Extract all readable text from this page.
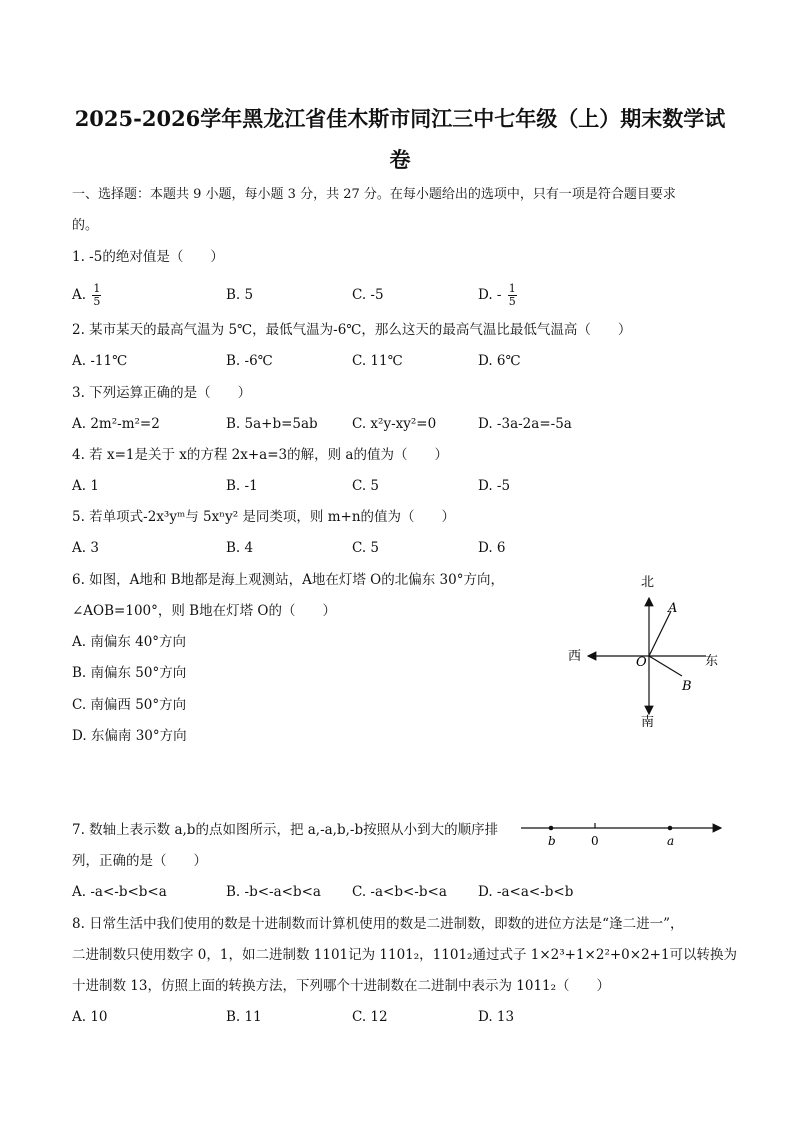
2025-2026学年黑龙江省佳木斯市同江三中七年级（上）期末数学试
卷
一、选择题：本题共 9 小题，每小题 3 分，共 27 分。在每小题给出的选项中，只有一项是符合题目要求
的。
1. -5的绝对值是（　　）
A. $\frac{1}{5}$	B. 5	C. -5	D. - $\frac{1}{5}$
2. 某市某天的最高气温为 5℃，最低气温为-6℃，那么这天的最高气温比最低气温高（　　）
A. -11℃	B. -6℃	C. 11℃	D. 6℃
3. 下列运算正确的是（　　）
A. 2m²-m²=2	B. 5a+b=5ab	C. x²y-xy²=0	D. -3a-2a=-5a
4. 若 x=1是关于 x的方程 2x+a=3的解，则 a的值为（　　）
A. 1	B. -1	C. 5	D. -5
5. 若单项式-2x³yᵐ与 5xⁿy² 是同类项，则 m+n的值为（　　）
A. 3	B. 4	C. 5	D. 6
6. 如图，A地和 B地都是海上观测站，A地在灯塔 O的北偏东 30°方向，
∠AOB=100°，则 B地在灯塔 O的（　　）
A. 南偏东 40°方向
B. 南偏东 50°方向
C. 南偏西 50°方向
D. 东偏南 30°方向
北
南
西	东
O
A
B
7. 数轴上表示数 a,b的点如图所示，把 a,-a,b,-b按照从小到大的顺序排
列，正确的是（　　）
b	0	a
A. -a<-b<b<a	B. -b<-a<b<a C. -a<b<-b<a D. -a<a<-b<b
8. 日常生活中我们使用的数是十进制数而计算机使用的数是二进制数，即数的进位方法是“逢二进一”，
二进制数只使用数字 0，1，如二进制数 1101记为 1101₂，1101₂通过式子 1×2³+1×2²+0×2+1可以转换为
十进制数 13，仿照上面的转换方法，下列哪个十进制数在二进制中表示为 1011₂（　　）
A. 10	B. 11	C. 12	D. 13
